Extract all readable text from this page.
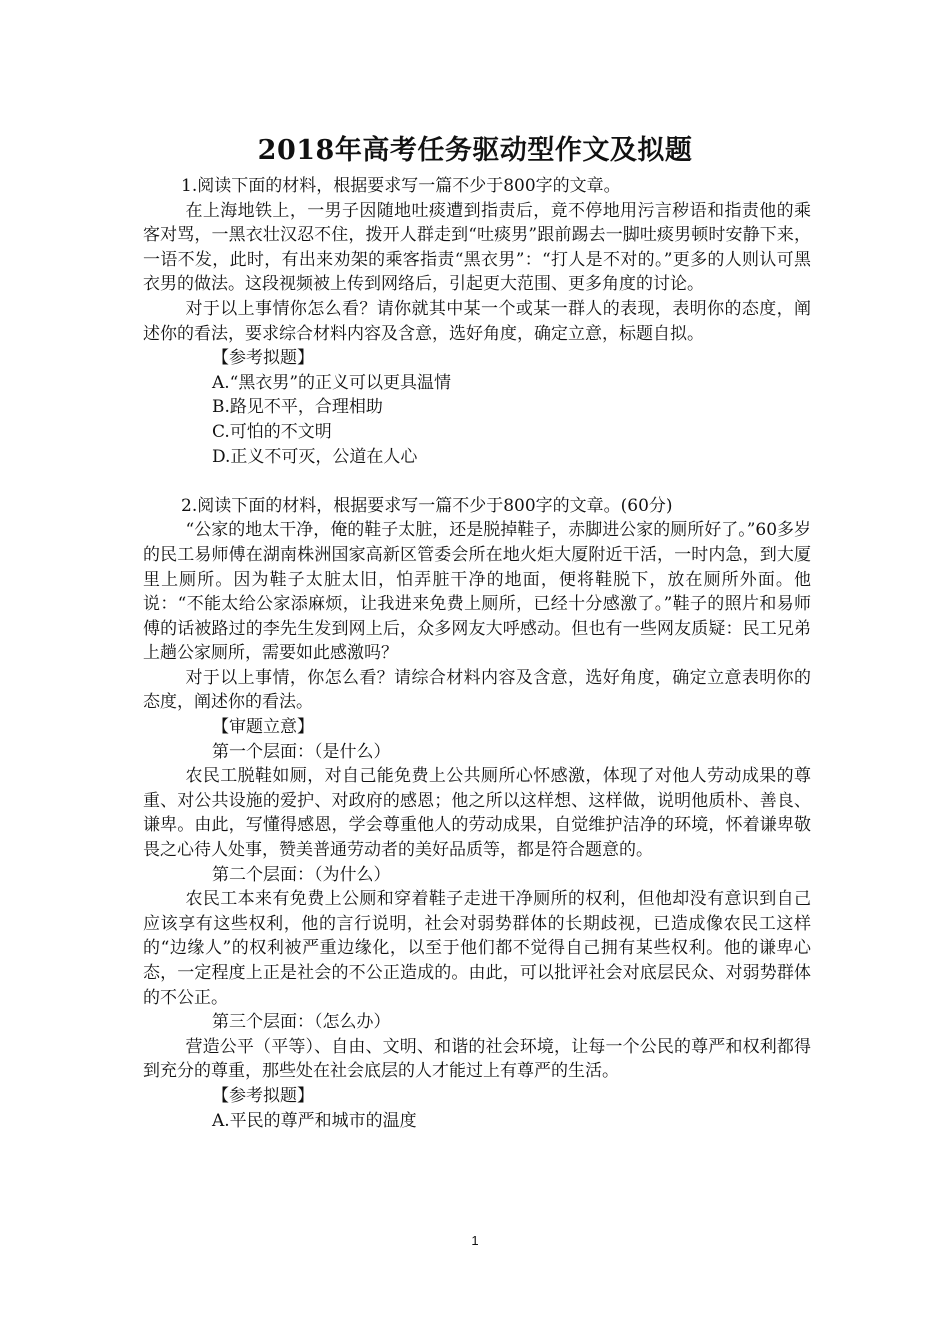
2018年高考任务驱动型作文及拟题

1.阅读下面的材料，根据要求写一篇不少于800字的文章。

在上海地铁上，一男子因随地吐痰遭到指责后，竟不停地用污言秽语和指责他的乘客对骂，一黑衣壮汉忍不住，拨开人群走到“吐痰男”跟前踢去一脚吐痰男顿时安静下来，一语不发，此时，有出来劝架的乘客指责“黑衣男”：“打人是不对的。”更多的人则认可黑衣男的做法。这段视频被上传到网络后，引起更大范围、更多角度的讨论。

对于以上事情你怎么看？请你就其中某一个或某一群人的表现，表明你的态度，阐述你的看法，要求综合材料内容及含意，选好角度，确定立意，标题自拟。

【参考拟题】

A.“黑衣男”的正义可以更具温情

B.路见不平，合理相助

C.可怕的不文明

D.正义不可灭，公道在人心

2.阅读下面的材料，根据要求写一篇不少于800字的文章。(60分)

“公家的地太干净，俺的鞋子太脏，还是脱掉鞋子，赤脚进公家的厕所好了。”60多岁的民工易师傅在湖南株洲国家高新区管委会所在地火炬大厦附近干活，一时内急，到大厦里上厕所。因为鞋子太脏太旧，怕弄脏干净的地面，便将鞋脱下，放在厕所外面。他说：“不能太给公家添麻烦，让我进来免费上厕所，已经十分感激了。”鞋子的照片和易师傅的话被路过的李先生发到网上后，众多网友大呼感动。但也有一些网友质疑：民工兄弟上趟公家厕所，需要如此感激吗？

对于以上事情，你怎么看？请综合材料内容及含意，选好角度，确定立意表明你的态度，阐述你的看法。

【审题立意】

第一个层面：（是什么）

农民工脱鞋如厕，对自己能免费上公共厕所心怀感激，体现了对他人劳动成果的尊重、对公共设施的爱护、对政府的感恩；他之所以这样想、这样做，说明他质朴、善良、谦卑。由此，写懂得感恩，学会尊重他人的劳动成果，自觉维护洁净的环境，怀着谦卑敬畏之心待人处事，赞美普通劳动者的美好品质等，都是符合题意的。

第二个层面：（为什么）

农民工本来有免费上公厕和穿着鞋子走进干净厕所的权利，但他却没有意识到自己应该享有这些权利，他的言行说明，社会对弱势群体的长期歧视，已造成像农民工这样的“边缘人”的权利被严重边缘化，以至于他们都不觉得自己拥有某些权利。他的谦卑心态，一定程度上正是社会的不公正造成的。由此，可以批评社会对底层民众、对弱势群体的不公正。

第三个层面：（怎么办）

营造公平（平等）、自由、文明、和谐的社会环境，让每一个公民的尊严和权利都得到充分的尊重，那些处在社会底层的人才能过上有尊严的生活。

【参考拟题】

A.平民的尊严和城市的温度

1
